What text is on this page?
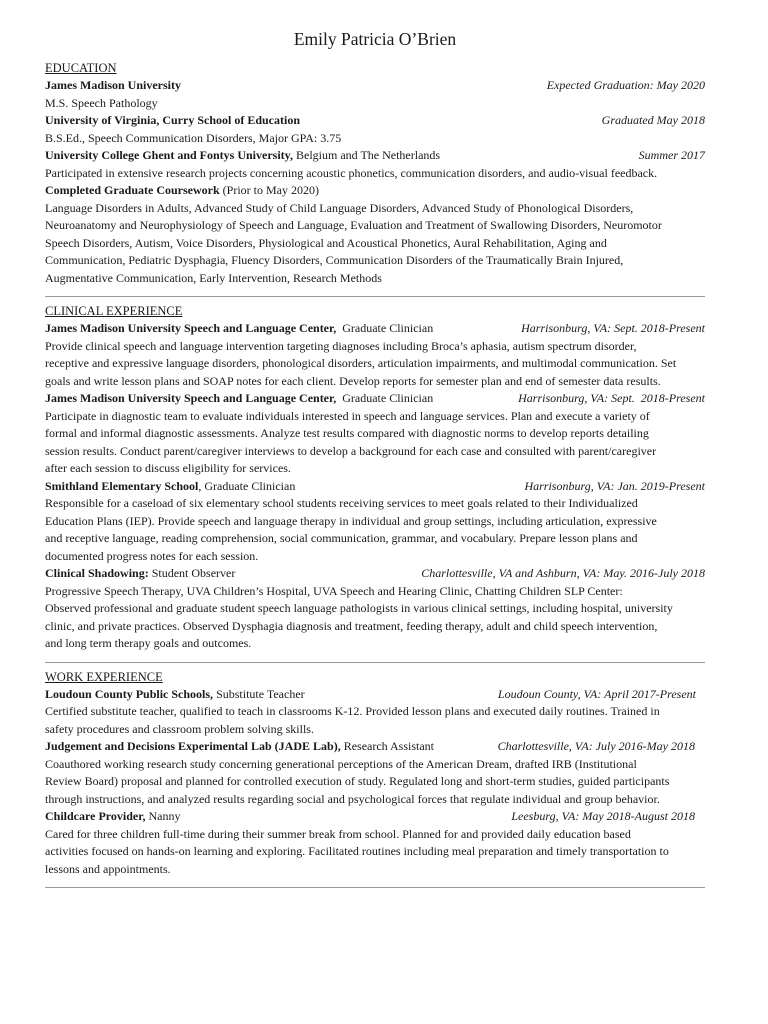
Emily Patricia O’Brien
EDUCATION
James Madison University	Expected Graduation: May 2020
M.S. Speech Pathology
University of Virginia, Curry School of Education	Graduated May 2018
B.S.Ed., Speech Communication Disorders, Major GPA: 3.75
University College Ghent and Fontys University, Belgium and The Netherlands	Summer 2017
Participated in extensive research projects concerning acoustic phonetics, communication disorders, and audio-visual feedback.
Completed Graduate Coursework (Prior to May 2020)
Language Disorders in Adults, Advanced Study of Child Language Disorders, Advanced Study of Phonological Disorders,
Neuroanatomy and Neurophysiology of Speech and Language, Evaluation and Treatment of Swallowing Disorders, Neuromotor
Speech Disorders, Autism, Voice Disorders, Physiological and Acoustical Phonetics, Aural Rehabilitation, Aging and
Communication, Pediatric Dysphagia, Fluency Disorders, Communication Disorders of the Traumatically Brain Injured,
Augmentative Communication, Early Intervention, Research Methods
CLINICAL EXPERIENCE
James Madison University Speech and Language Center,  Graduate Clinician	Harrisonburg, VA: Sept. 2018-Present
Provide clinical speech and language intervention targeting diagnoses including Broca’s aphasia, autism spectrum disorder,
receptive and expressive language disorders, phonological disorders, articulation impairments, and multimodal communication. Set
goals and write lesson plans and SOAP notes for each client. Develop reports for semester plan and end of semester data results.
James Madison University Speech and Language Center,  Graduate Clinician	Harrisonburg, VA: Sept.  2018-Present
Participate in diagnostic team to evaluate individuals interested in speech and language services. Plan and execute a variety of
formal and informal diagnostic assessments. Analyze test results compared with diagnostic norms to develop reports detailing
session results. Conduct parent/caregiver interviews to develop a background for each case and consulted with parent/caregiver
after each session to discuss eligibility for services.
Smithland Elementary School, Graduate Clinician	Harrisonburg, VA: Jan. 2019-Present
Responsible for a caseload of six elementary school students receiving services to meet goals related to their Individualized
Education Plans (IEP). Provide speech and language therapy in individual and group settings, including articulation, expressive
and receptive language, reading comprehension, social communication, grammar, and vocabulary. Prepare lesson plans and
documented progress notes for each session.
Clinical Shadowing: Student Observer	Charlottesville, VA and Ashburn, VA: May. 2016-July 2018
Progressive Speech Therapy, UVA Children’s Hospital, UVA Speech and Hearing Clinic, Chatting Children SLP Center:
Observed professional and graduate student speech language pathologists in various clinical settings, including hospital, university
clinic, and private practices. Observed Dysphagia diagnosis and treatment, feeding therapy, adult and child speech intervention,
and long term therapy goals and outcomes.
WORK EXPERIENCE
Loudoun County Public Schools, Substitute Teacher	Loudoun County, VA: April 2017-Present
Certified substitute teacher, qualified to teach in classrooms K-12. Provided lesson plans and executed daily routines. Trained in
safety procedures and classroom problem solving skills.
Judgement and Decisions Experimental Lab (JADE Lab), Research Assistant	Charlottesville, VA: July 2016-May 2018
Coauthored working research study concerning generational perceptions of the American Dream, drafted IRB (Institutional
Review Board) proposal and planned for controlled execution of study. Regulated long and short-term studies, guided participants
through instructions, and analyzed results regarding social and psychological forces that regulate individual and group behavior.
Childcare Provider, Nanny	Leesburg, VA: May 2018-August 2018
Cared for three children full-time during their summer break from school. Planned for and provided daily education based
activities focused on hands-on learning and exploring. Facilitated routines including meal preparation and timely transportation to
lessons and appointments.
